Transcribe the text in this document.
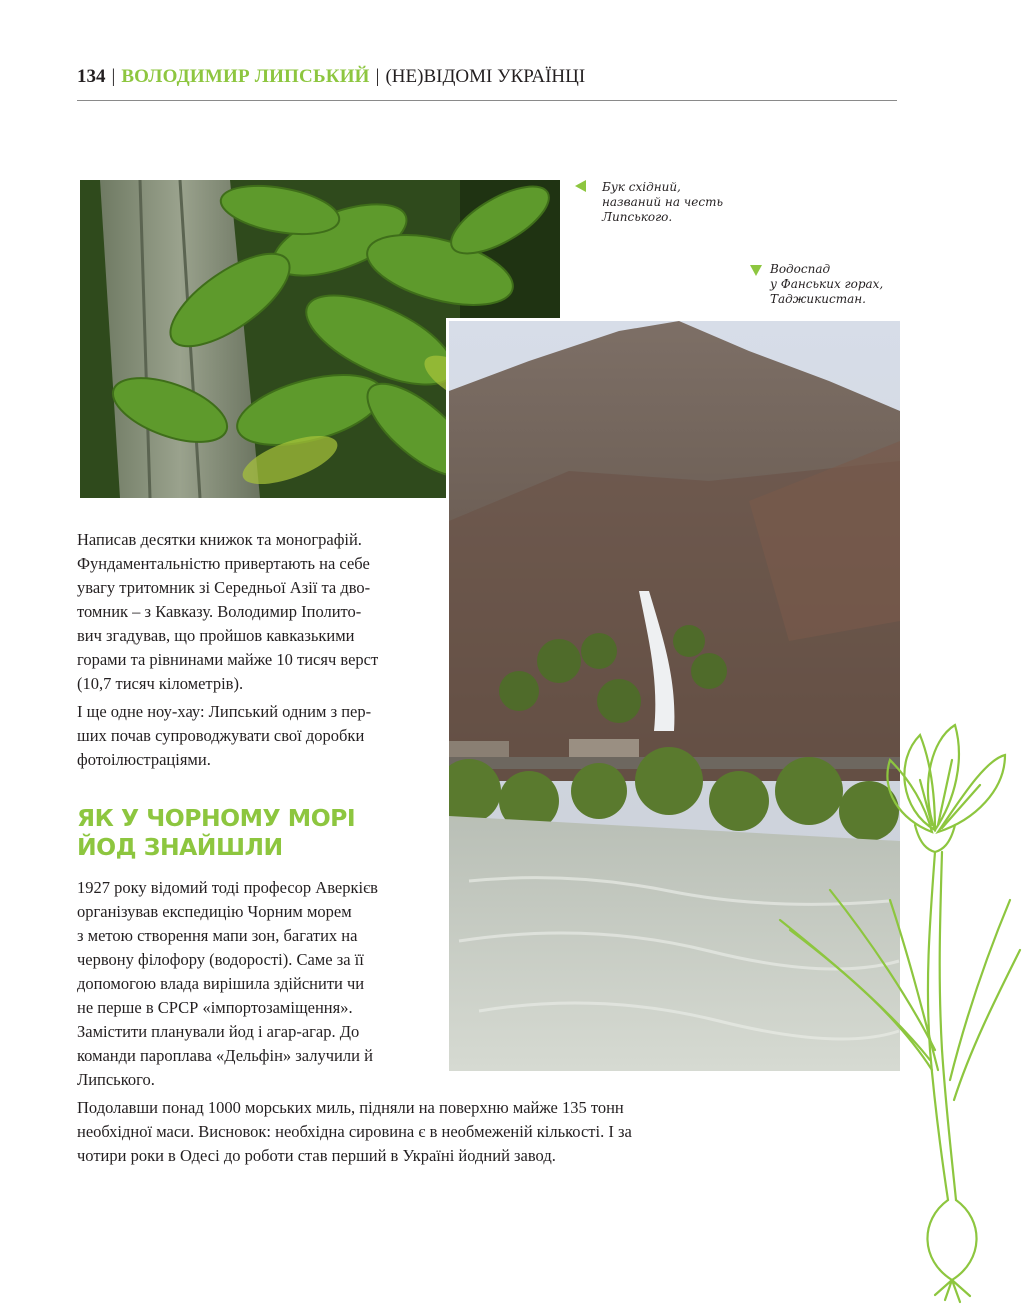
134 | ВОЛОДИМИР ЛИПСЬКИЙ | (НЕ)ВІДОМІ УКРАЇНЦІ
Бук східний,
названий на честь
Липського.
Водоспад
у Фанських горах,
Таджикистан.
Написав десятки книжок та монографій.
Фундаментальністю привертають на себе
увагу тритомник зі Середньої Азії та дво-
томник – з Кавказу. Володимир Іполито-
вич згадував, що пройшов кавказькими
горами та рівнинами майже 10 тисяч верст
(10,7 тисяч кілометрів).
І ще одне ноу-хау: Липський одним з пер-
ших почав супроводжувати свої доробки
фотоілюстраціями.
ЯК У ЧОРНОМУ МОРІ
ЙОД ЗНАЙШЛИ
1927 року відомий тоді професор Аверкієв
організував експедицію Чорним морем
з метою створення мапи зон, багатих на
червону філофору (водорості). Саме за її
допомогою влада вирішила здійснити чи
не перше в СРСР «імпортозаміщення».
Замістити планували йод і агар-агар. До
команди пароплава «Дельфін» залучили й
Липського.
Подолавши понад 1000 морських миль, підняли на поверхню майже 135 тонн
необхідної маси. Висновок: необхідна сировина є в необмеженій кількості. І за
чотири роки в Одесі до роботи став перший в Україні йодний завод.
